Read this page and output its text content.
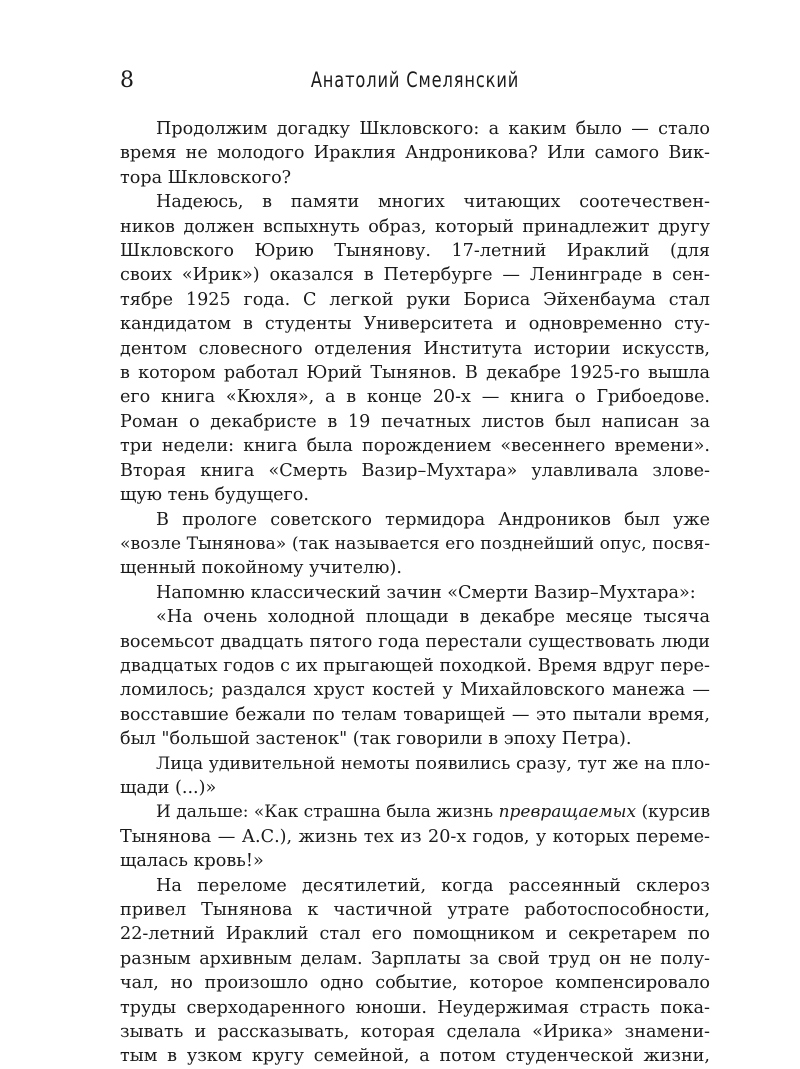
8	Анатолий Смелянский
Продолжим догадку Шкловского: а каким было — стало
время не молодого Ираклия Андроникова? Или самого Вик-
тора Шкловского?
Надеюсь, в памяти многих читающих соотечествен-
ников должен вспыхнуть образ, который принадлежит другу
Шкловского Юрию Тынянову. 17-летний Ираклий (для
своих «Ирик») оказался в Петербурге — Ленинграде в сен-
тябре 1925 года. С легкой руки Бориса Эйхенбаума стал
кандидатом в студенты Университета и одновременно сту-
дентом словесного отделения Института истории искусств,
в котором работал Юрий Тынянов. В декабре 1925-го вышла
его книга «Кюхля», а в конце 20-х — книга о Грибоедове.
Роман о декабристе в 19 печатных листов был написан за
три недели: книга была порождением «весеннего времени».
Вторая книга «Смерть Вазир–Мухтара» улавливала злове-
щую тень будущего.
В прологе советского термидора Андроников был уже
«возле Тынянова» (так называется его позднейший опус, посвя-
щенный покойному учителю).
Напомню классический зачин «Смерти Вазир–Мухтара»:
«На очень холодной площади в декабре месяце тысяча
восемьсот двадцать пятого года перестали существовать люди
двадцатых годов с их прыгающей походкой. Время вдруг пере-
ломилось; раздался хруст костей у Михайловского манежа —
восставшие бежали по телам товарищей — это пытали время,
был "большой застенок" (так говорили в эпоху Петра).
Лица удивительной немоты появились сразу, тут же на пло-
щади (...)»
И дальше: «Как страшна была жизнь превращаемых (курсив
Тынянова — А.С.), жизнь тех из 20-х годов, у которых переме-
щалась кровь!»
На переломе десятилетий, когда рассеянный склероз
привел Тынянова к частичной утрате работоспособности,
22-летний Ираклий стал его помощником и секретарем по
разным архивным делам. Зарплаты за свой труд он не полу-
чал, но произошло одно событие, которое компенсировало
труды сверходаренного юноши. Неудержимая страсть пока-
зывать и рассказывать, которая сделала «Ирика» знамени-
тым в узком кругу семейной, а потом студенческой жизни,
